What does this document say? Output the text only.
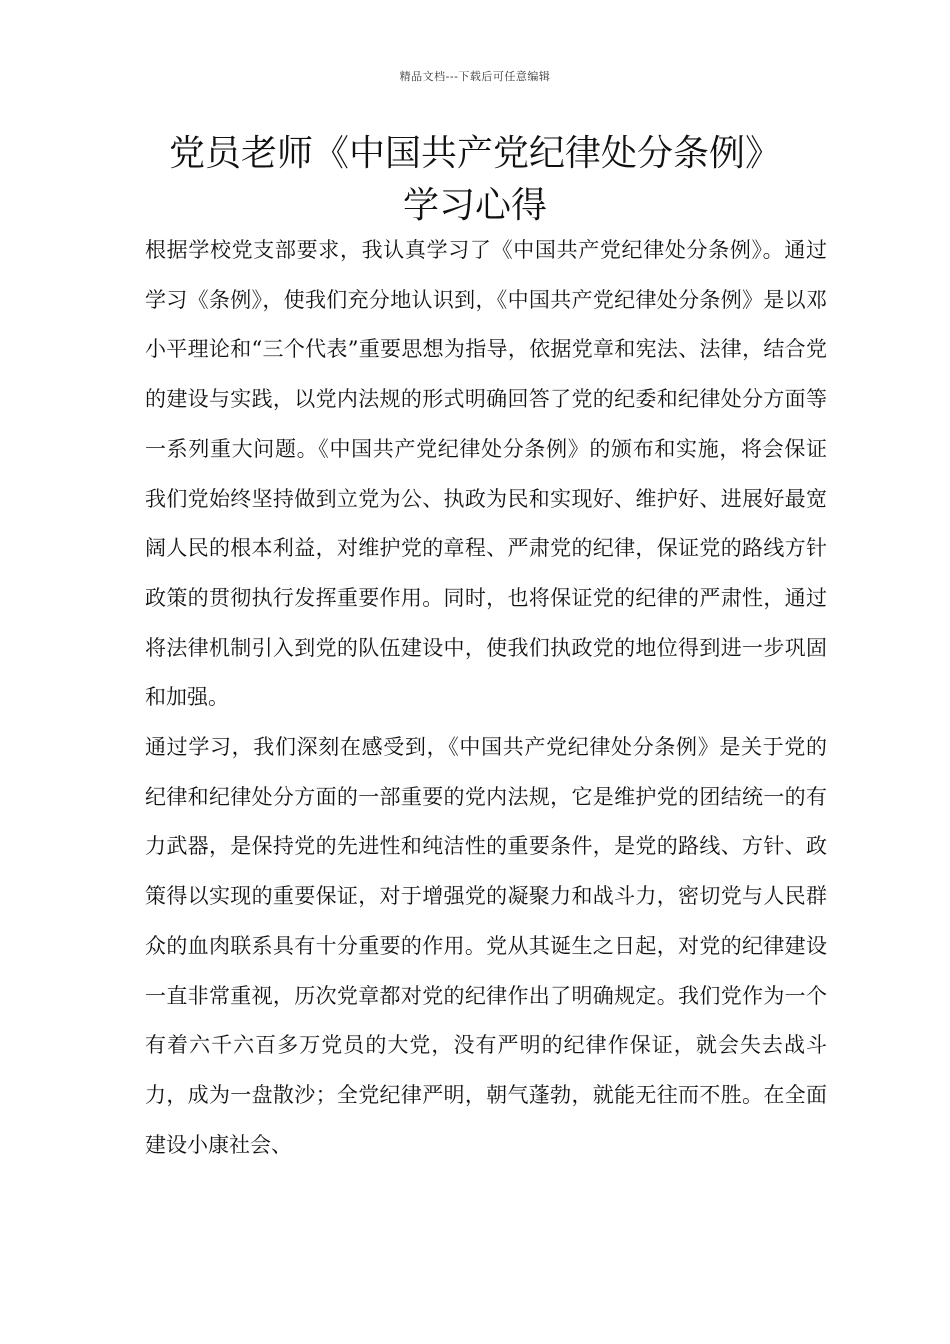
精品文档---下载后可任意编辑
党员老师《中国共产党纪律处分条例》
学习心得

根据学校党支部要求，我认真学习了《中国共产党纪律处分条例》。通过学习《条例》，使我们充分地认识到，《中国共产党纪律处分条例》是以邓小平理论和“三个代表”重要思想为指导，依据党章和宪法、法律，结合党的建设与实践，以党内法规的形式明确回答了党的纪委和纪律处分方面等一系列重大问题。《中国共产党纪律处分条例》的颁布和实施，将会保证我们党始终坚持做到立党为公、执政为民和实现好、维护好、进展好最宽阔人民的根本利益，对维护党的章程、严肃党的纪律，保证党的路线方针政策的贯彻执行发挥重要作用。同时，也将保证党的纪律的严肃性，通过将法律机制引入到党的队伍建设中，使我们执政党的地位得到进一步巩固和加强。

通过学习，我们深刻在感受到，《中国共产党纪律处分条例》是关于党的纪律和纪律处分方面的一部重要的党内法规，它是维护党的团结统一的有力武器，是保持党的先进性和纯洁性的重要条件，是党的路线、方针、政策得以实现的重要保证，对于增强党的凝聚力和战斗力，密切党与人民群众的血肉联系具有十分重要的作用。党从其诞生之日起，对党的纪律建设一直非常重视，历次党章都对党的纪律作出了明确规定。我们党作为一个有着六千六百多万党员的大党，没有严明的纪律作保证，就会失去战斗力，成为一盘散沙；全党纪律严明，朝气蓬勃，就能无往而不胜。在全面建设小康社会、
